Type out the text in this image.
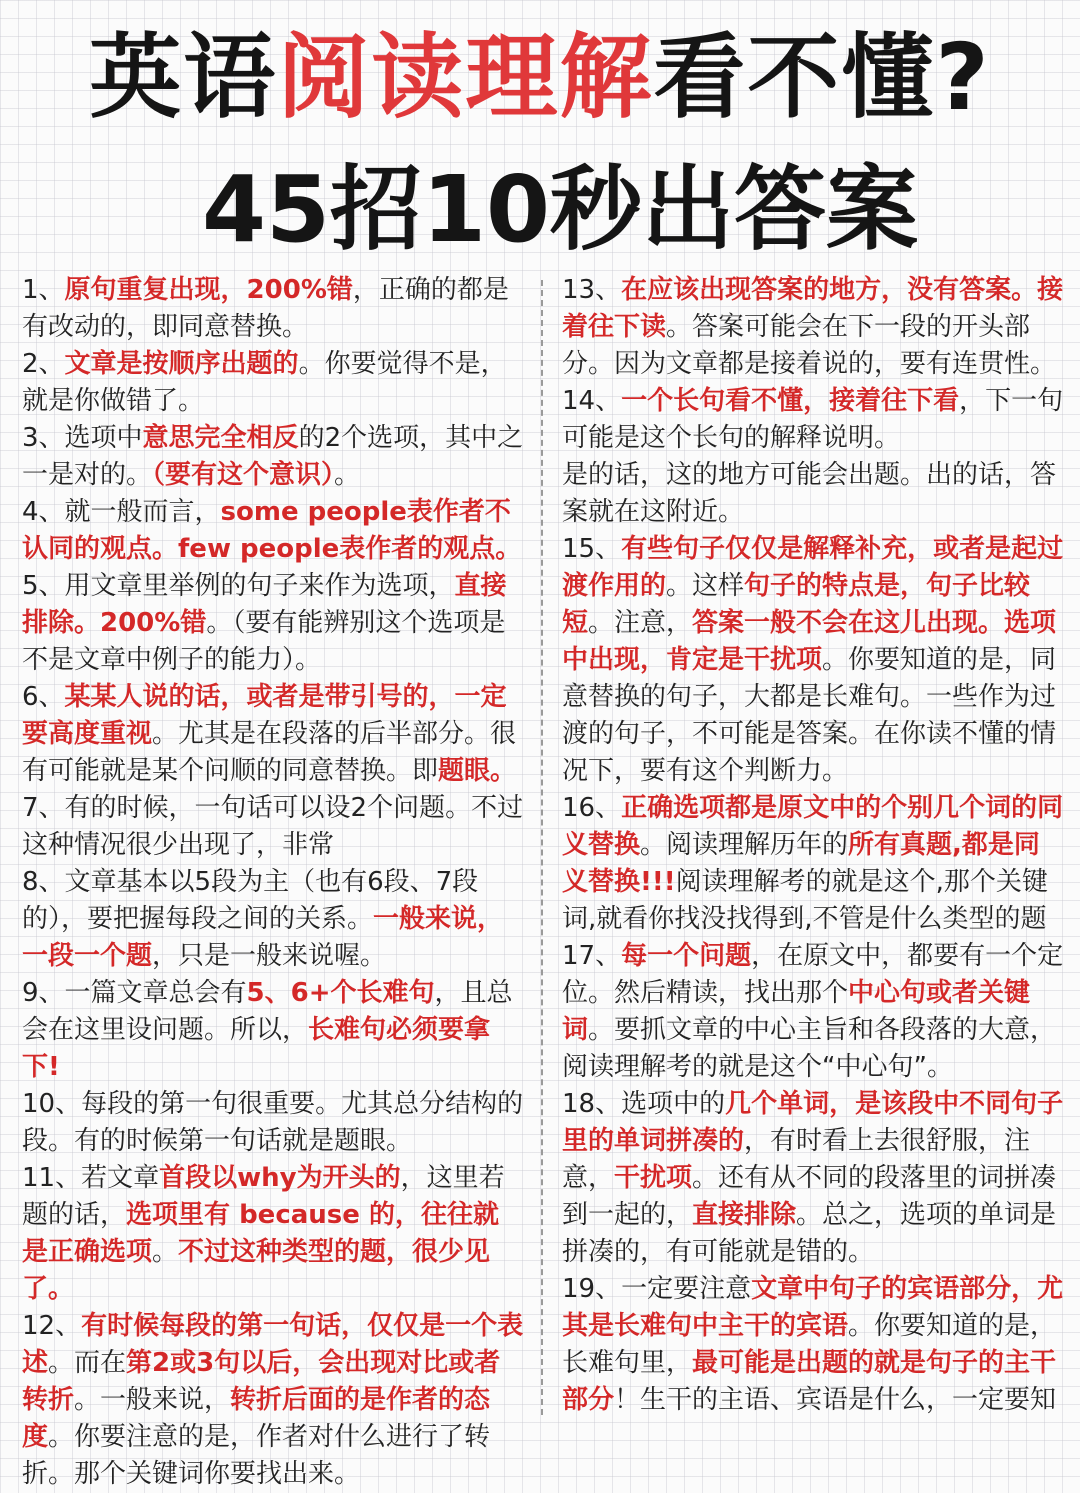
英语阅读理解看不懂?
45招10秒出答案

1、原句重复出现，200%错，正确的都是有改动的，即同意替换。

2、文章是按顺序出题的。你要觉得不是，就是你做错了。

3、选项中意思完全相反的2个选项，其中之一是对的。（要有这个意识）。

4、就一般而言，some people表作者不认同的观点。few people表作者的观点。

5、用文章里举例的句子来作为选项，直接排除。200%错。（要有能辨别这个选项是不是文章中例子的能力）。

6、某某人说的话，或者是带引号的，一定要高度重视。尤其是在段落的后半部分。很有可能就是某个问顺的同意替换。即题眼。

7、有的时候，一句话可以设2个问题。不过这种情况很少出现了，非常

8、文章基本以5段为主（也有6段、7段的），要把握每段之间的关系。一般来说，一段一个题，只是一般来说喔。

9、一篇文章总会有5、6+个长难句，且总会在这里设问题。所以，长难句必须要拿下!

10、每段的第一句很重要。尤其总分结构的段。有的时候第一句话就是题眼。

11、若文章首段以why为开头的，这里若题的话，选项里有 because 的，往往就是正确选项。不过这种类型的题，很少见了。

12、有时候每段的第一句话，仅仅是一个表述。而在第2或3句以后，会出现对比或者转折。一般来说，转折后面的是作者的态度。你要注意的是，作者对什么进行了转折。那个关键词你要找出来。

13、在应该出现答案的地方，没有答案。接着往下读。答案可能会在下一段的开头部分。因为文章都是接着说的，要有连贯性。

14、一个长句看不懂，接着往下看，下一句可能是这个长句的解释说明。

是的话，这的地方可能会出题。出的话，答案就在这附近。

15、有些句子仅仅是解释补充，或者是起过渡作用的。这样句子的特点是，句子比较短。注意，答案一般不会在这儿出现。选项中出现，肯定是干扰项。你要知道的是，同意替换的句子，大都是长难句。一些作为过渡的句子，不可能是答案。在你读不懂的情况下，要有这个判断力。

16、正确选项都是原文中的个别几个词的同义替换。阅读理解历年的所有真题,都是同义替换!!!阅读理解考的就是这个,那个关键词,就看你找没找得到,不管是什么类型的题

17、每一个问题，在原文中，都要有一个定位。然后精读，找出那个中心句或者关键词。要抓文章的中心主旨和各段落的大意，阅读理解考的就是这个“中心句”。

18、选项中的几个单词，是该段中不同句子里的单词拼凑的，有时看上去很舒服，注意，干扰项。还有从不同的段落里的词拼凑到一起的，直接排除。总之，选项的单词是拼凑的，有可能就是错的。

19、一定要注意文章中句子的宾语部分，尤其是长难句中主干的宾语。你要知道的是，长难句里，最可能是出题的就是句子的主干部分！生干的主语、宾语是什么，一定要知
